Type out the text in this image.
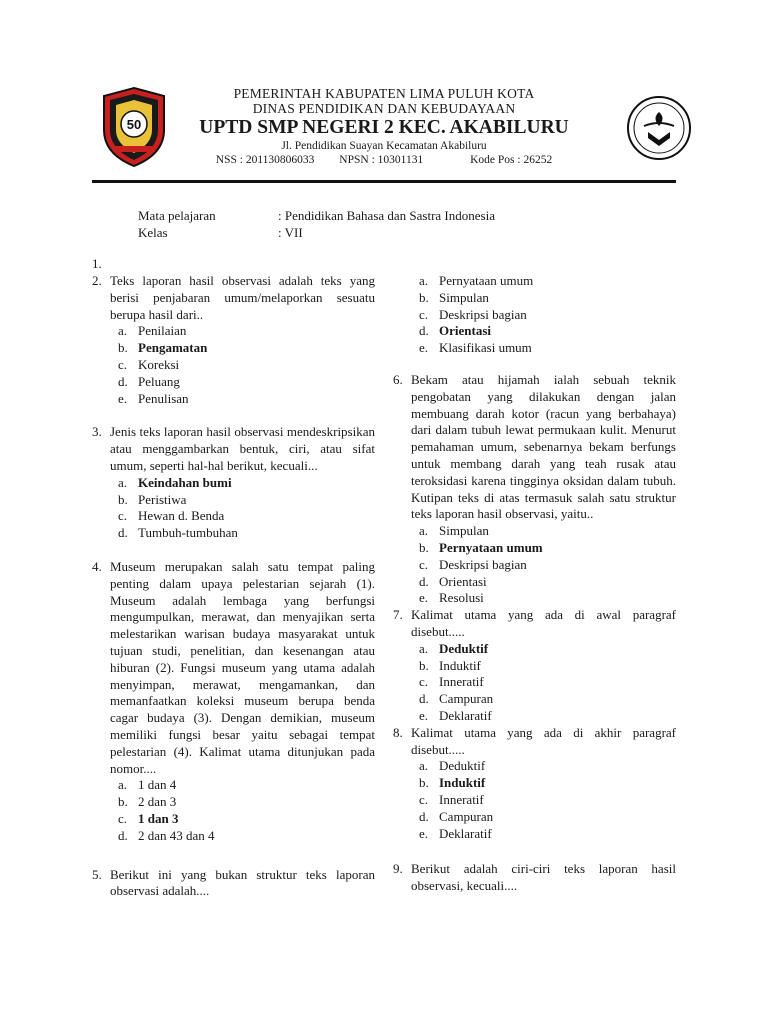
50
PEMERINTAH KABUPATEN LIMA PULUH KOTA
DINAS PENDIDIKAN DAN KEBUDAYAAN
UPTD SMP NEGERI 2 KEC. AKABILURU
Jl. Pendidikan Suayan Kecamatan Akabiluru
NSS : 201130806033 NPSN : 10301131	Kode Pos : 26252
Mata pelajaran	: Pendidikan Bahasa dan Sastra Indonesia
Kelas	: VII
1.
2. Teks laporan hasil observasi adalah teks yang berisi penjabaran umum/melaporkan sesuatu berupa hasil dari..
a. Penilaian
b. Pengamatan
c. Koreksi
d. Peluang
e. Penulisan
3. Jenis teks laporan hasil observasi mendeskripsikan atau menggambarkan bentuk, ciri, atau sifat umum, seperti hal-hal berikut, kecuali...
a. Keindahan bumi
b. Peristiwa
c. Hewan d. Benda
d. Tumbuh-tumbuhan
4. Museum merupakan salah satu tempat paling penting dalam upaya pelestarian sejarah (1). Museum adalah lembaga yang berfungsi mengumpulkan, merawat, dan menyajikan serta melestarikan warisan budaya masyarakat untuk tujuan studi, penelitian, dan kesenangan atau hiburan (2). Fungsi museum yang utama adalah menyimpan, merawat, mengamankan, dan memanfaatkan koleksi museum berupa benda cagar budaya (3). Dengan demikian, museum memiliki fungsi besar yaitu sebagai tempat pelestarian (4). Kalimat utama ditunjukan pada nomor....
a. 1 dan 4
b. 2 dan 3
c. 1 dan 3
d. 2 dan 43 dan 4
5. Berikut ini yang bukan struktur teks laporan observasi adalah....
a. Pernyataan umum
b. Simpulan
c. Deskripsi bagian
d. Orientasi
e. Klasifikasi umum
6. Bekam atau hijamah ialah sebuah teknik pengobatan yang dilakukan dengan jalan membuang darah kotor (racun yang berbahaya) dari dalam tubuh lewat permukaan kulit. Menurut pemahaman umum, sebenarnya bekam berfungs untuk membang darah yang teah rusak atau teroksidasi karena tingginya oksidan dalam tubuh. Kutipan teks di atas termasuk salah satu struktur teks laporan hasil observasi, yaitu..
a. Simpulan
b. Pernyataan umum
c. Deskripsi bagian
d. Orientasi
e. Resolusi
7. Kalimat utama yang ada di awal paragraf disebut.....
a. Deduktif
b. Induktif
c. Inneratif
d. Campuran
e. Deklaratif
8. Kalimat utama yang ada di akhir paragraf disebut.....
a. Deduktif
b. Induktif
c. Inneratif
d. Campuran
e. Deklaratif
9. Berikut adalah ciri-ciri teks laporan hasil observasi, kecuali....
